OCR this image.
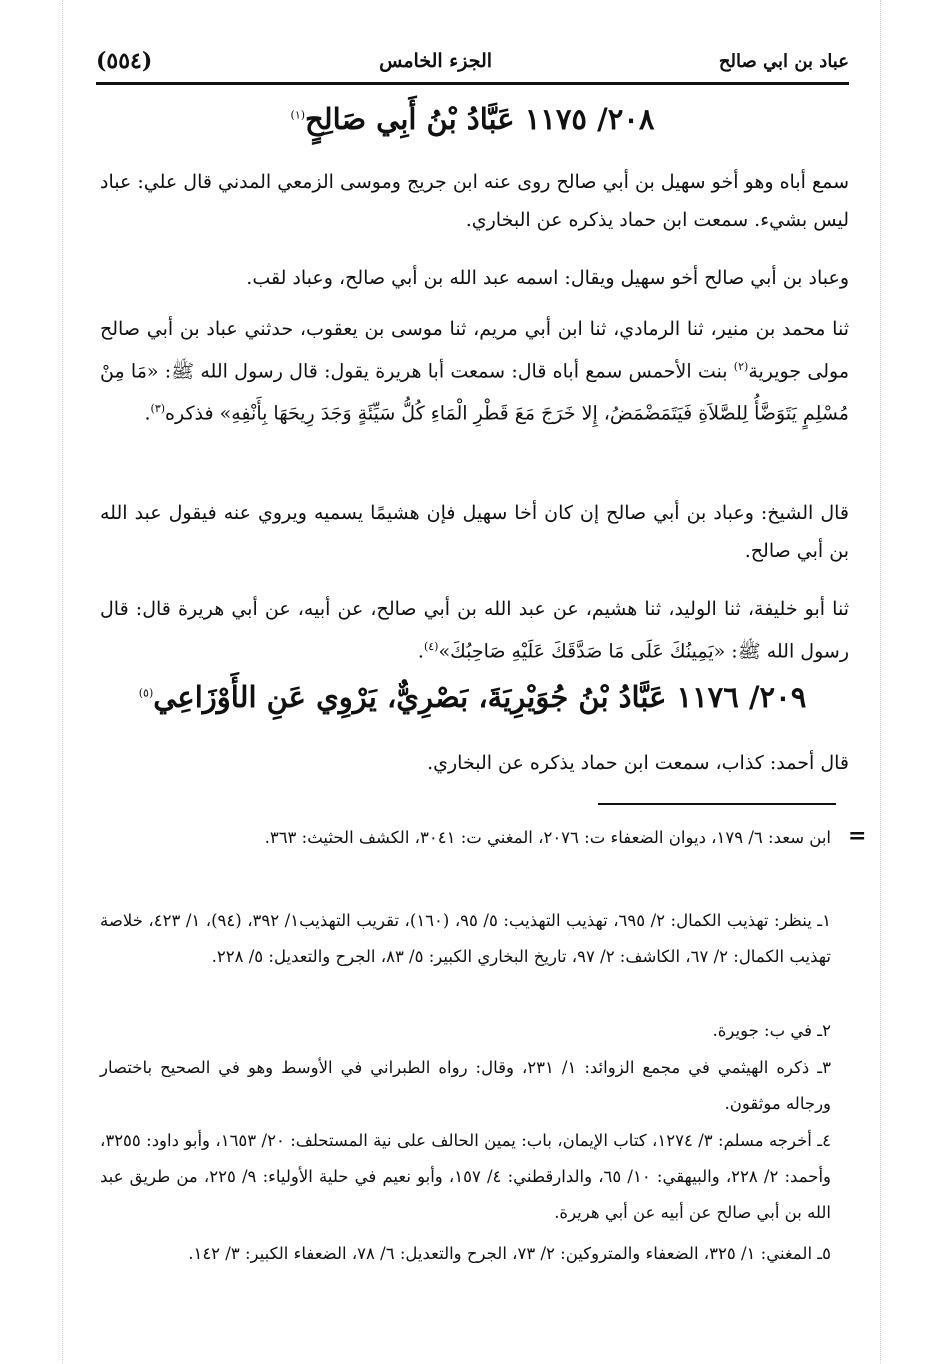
(٥٥٤)	الجزء الخامس	عباد بن ابي صالح
٢٠٨/ ١١٧٥ عَبَّادُ بْنُ أَبِي صَالِحٍ$^{(١)}$
سمع أباه وهو أخو سهيل بن أبي صالح روى عنه ابن جريج وموسى الزمعي المدني قال علي: عباد ليس بشيء. سمعت ابن حماد يذكره عن البخاري.
وعباد بن أبي صالح أخو سهيل ويقال: اسمه عبد الله بن أبي صالح، وعباد لقب.
ثنا محمد بن منير، ثنا الرمادي، ثنا ابن أبي مريم، ثنا موسى بن يعقوب، حدثني عباد بن أبي صالح مولى جويرية$^{(٢)}$ بنت الأحمس سمع أباه قال: سمعت أبا هريرة يقول: قال رسول الله ﷺ: «مَا مِنْ مُسْلِمٍ يَتَوَضَّأُ لِلصَّلاَةِ فَيَتَمَضْمَضُ، إِلا خَرَجَ مَعَ قَطْرِ الْمَاءِ كُلُّ سَيِّئَةٍ وَجَدَ رِيحَهَا بِأَنْفِهِ» فذكره$^{(٣)}$.
قال الشيخ: وعباد بن أبي صالح إن كان أخا سهيل فإن هشيمًا يسميه ويروي عنه فيقول عبد الله بن أبي صالح.
ثنا أبو خليفة، ثنا الوليد، ثنا هشيم، عن عبد الله بن أبي صالح، عن أبيه، عن أبي هريرة قال: قال رسول الله ﷺ: «يَمِينُكَ عَلَى مَا صَدَّقَكَ عَلَيْهِ صَاحِبُكَ»$^{(٤)}$.
٢٠٩/ ١١٧٦ عَبَّادُ بْنُ جُوَيْرِيَةَ، بَصْرِيٌّ، يَرْوِي عَنِ الأَوْزَاعِي$^{(٥)}$
قال أحمد: كذاب، سمعت ابن حماد يذكره عن البخاري.
=
ابن سعد: ٦/ ١٧٩، ديوان الضعفاء ت: ٢٠٧٦، المغني ت: ٣٠٤١، الكشف الحثيث: ٣٦٣.
١ـ ينظر: تهذيب الكمال: ٢/ ٦٩٥، تهذيب التهذيب: ٥/ ٩٥، (١٦٠)، تقريب التهذيب١/ ٣٩٢، (٩٤)، ١/ ٤٢٣، خلاصة تهذيب الكمال: ٢/ ٦٧، الكاشف: ٢/ ٩٧، تاريخ البخاري الكبير: ٥/ ٨٣، الجرح والتعديل: ٥/ ٢٢٨.
٢ـ في ب: جويرة.
٣ـ ذكره الهيثمي في مجمع الزوائد: ١/ ٢٣١، وقال: رواه الطبراني في الأوسط وهو في الصحيح باختصار ورجاله موثقون.
٤ـ أخرجه مسلم: ٣/ ١٢٧٤، كتاب الإيمان، باب: يمين الحالف على نية المستحلف: ٢٠/ ١٦٥٣، وأبو داود: ٣٢٥٥، وأحمد: ٢/ ٢٢٨، والبيهقي: ١٠/ ٦٥، والدارقطني: ٤/ ١٥٧، وأبو نعيم في حلية الأولياء: ٩/ ٢٢٥، من طريق عبد الله بن أبي صالح عن أبيه عن أبي هريرة.
٥ـ المغني: ١/ ٣٢٥، الضعفاء والمتروكين: ٢/ ٧٣، الجرح والتعديل: ٦/ ٧٨، الضعفاء الكبير: ٣/ ١٤٢.
